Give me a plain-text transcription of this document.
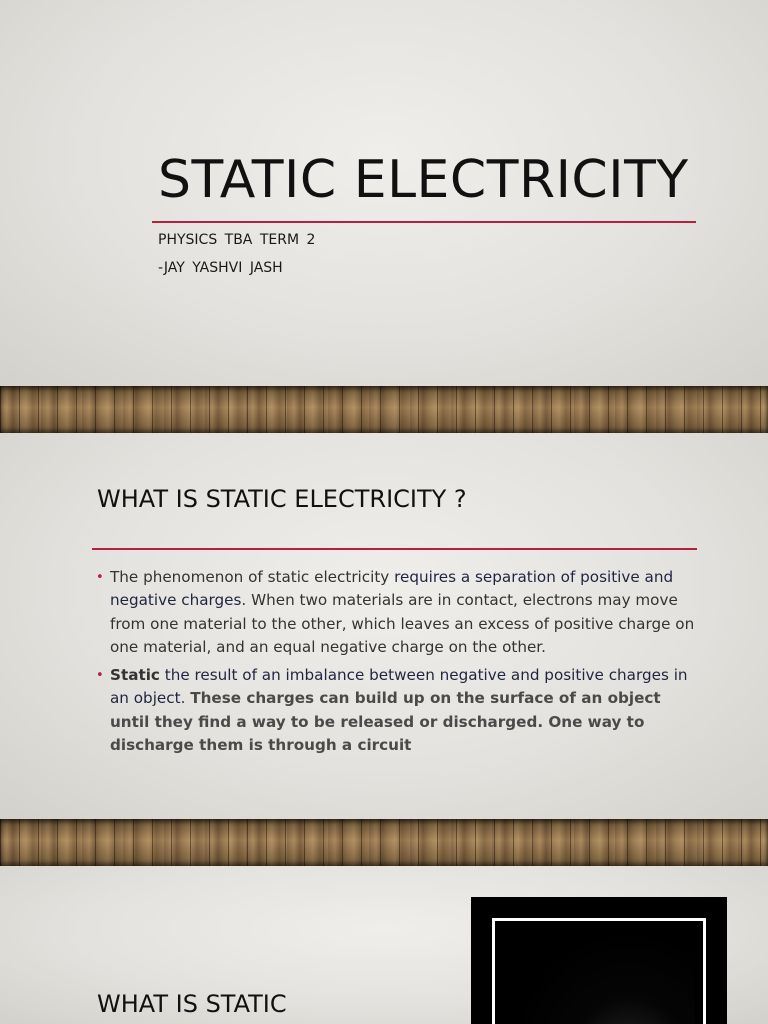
STATIC ELECTRICITY
PHYSICS TBA TERM 2
-JAY YASHVI JASH
WHAT IS STATIC ELECTRICITY ?
• The phenomenon of static electricity requires a separation of positive and negative charges. When two materials are in contact, electrons may move from one material to the other, which leaves an excess of positive charge on one material, and an equal negative charge on the other.
• Static the result of an imbalance between negative and positive charges in an object. These charges can build up on the surface of an object until they find a way to be released or discharged. One way to discharge them is through a circuit
WHAT IS STATIC
